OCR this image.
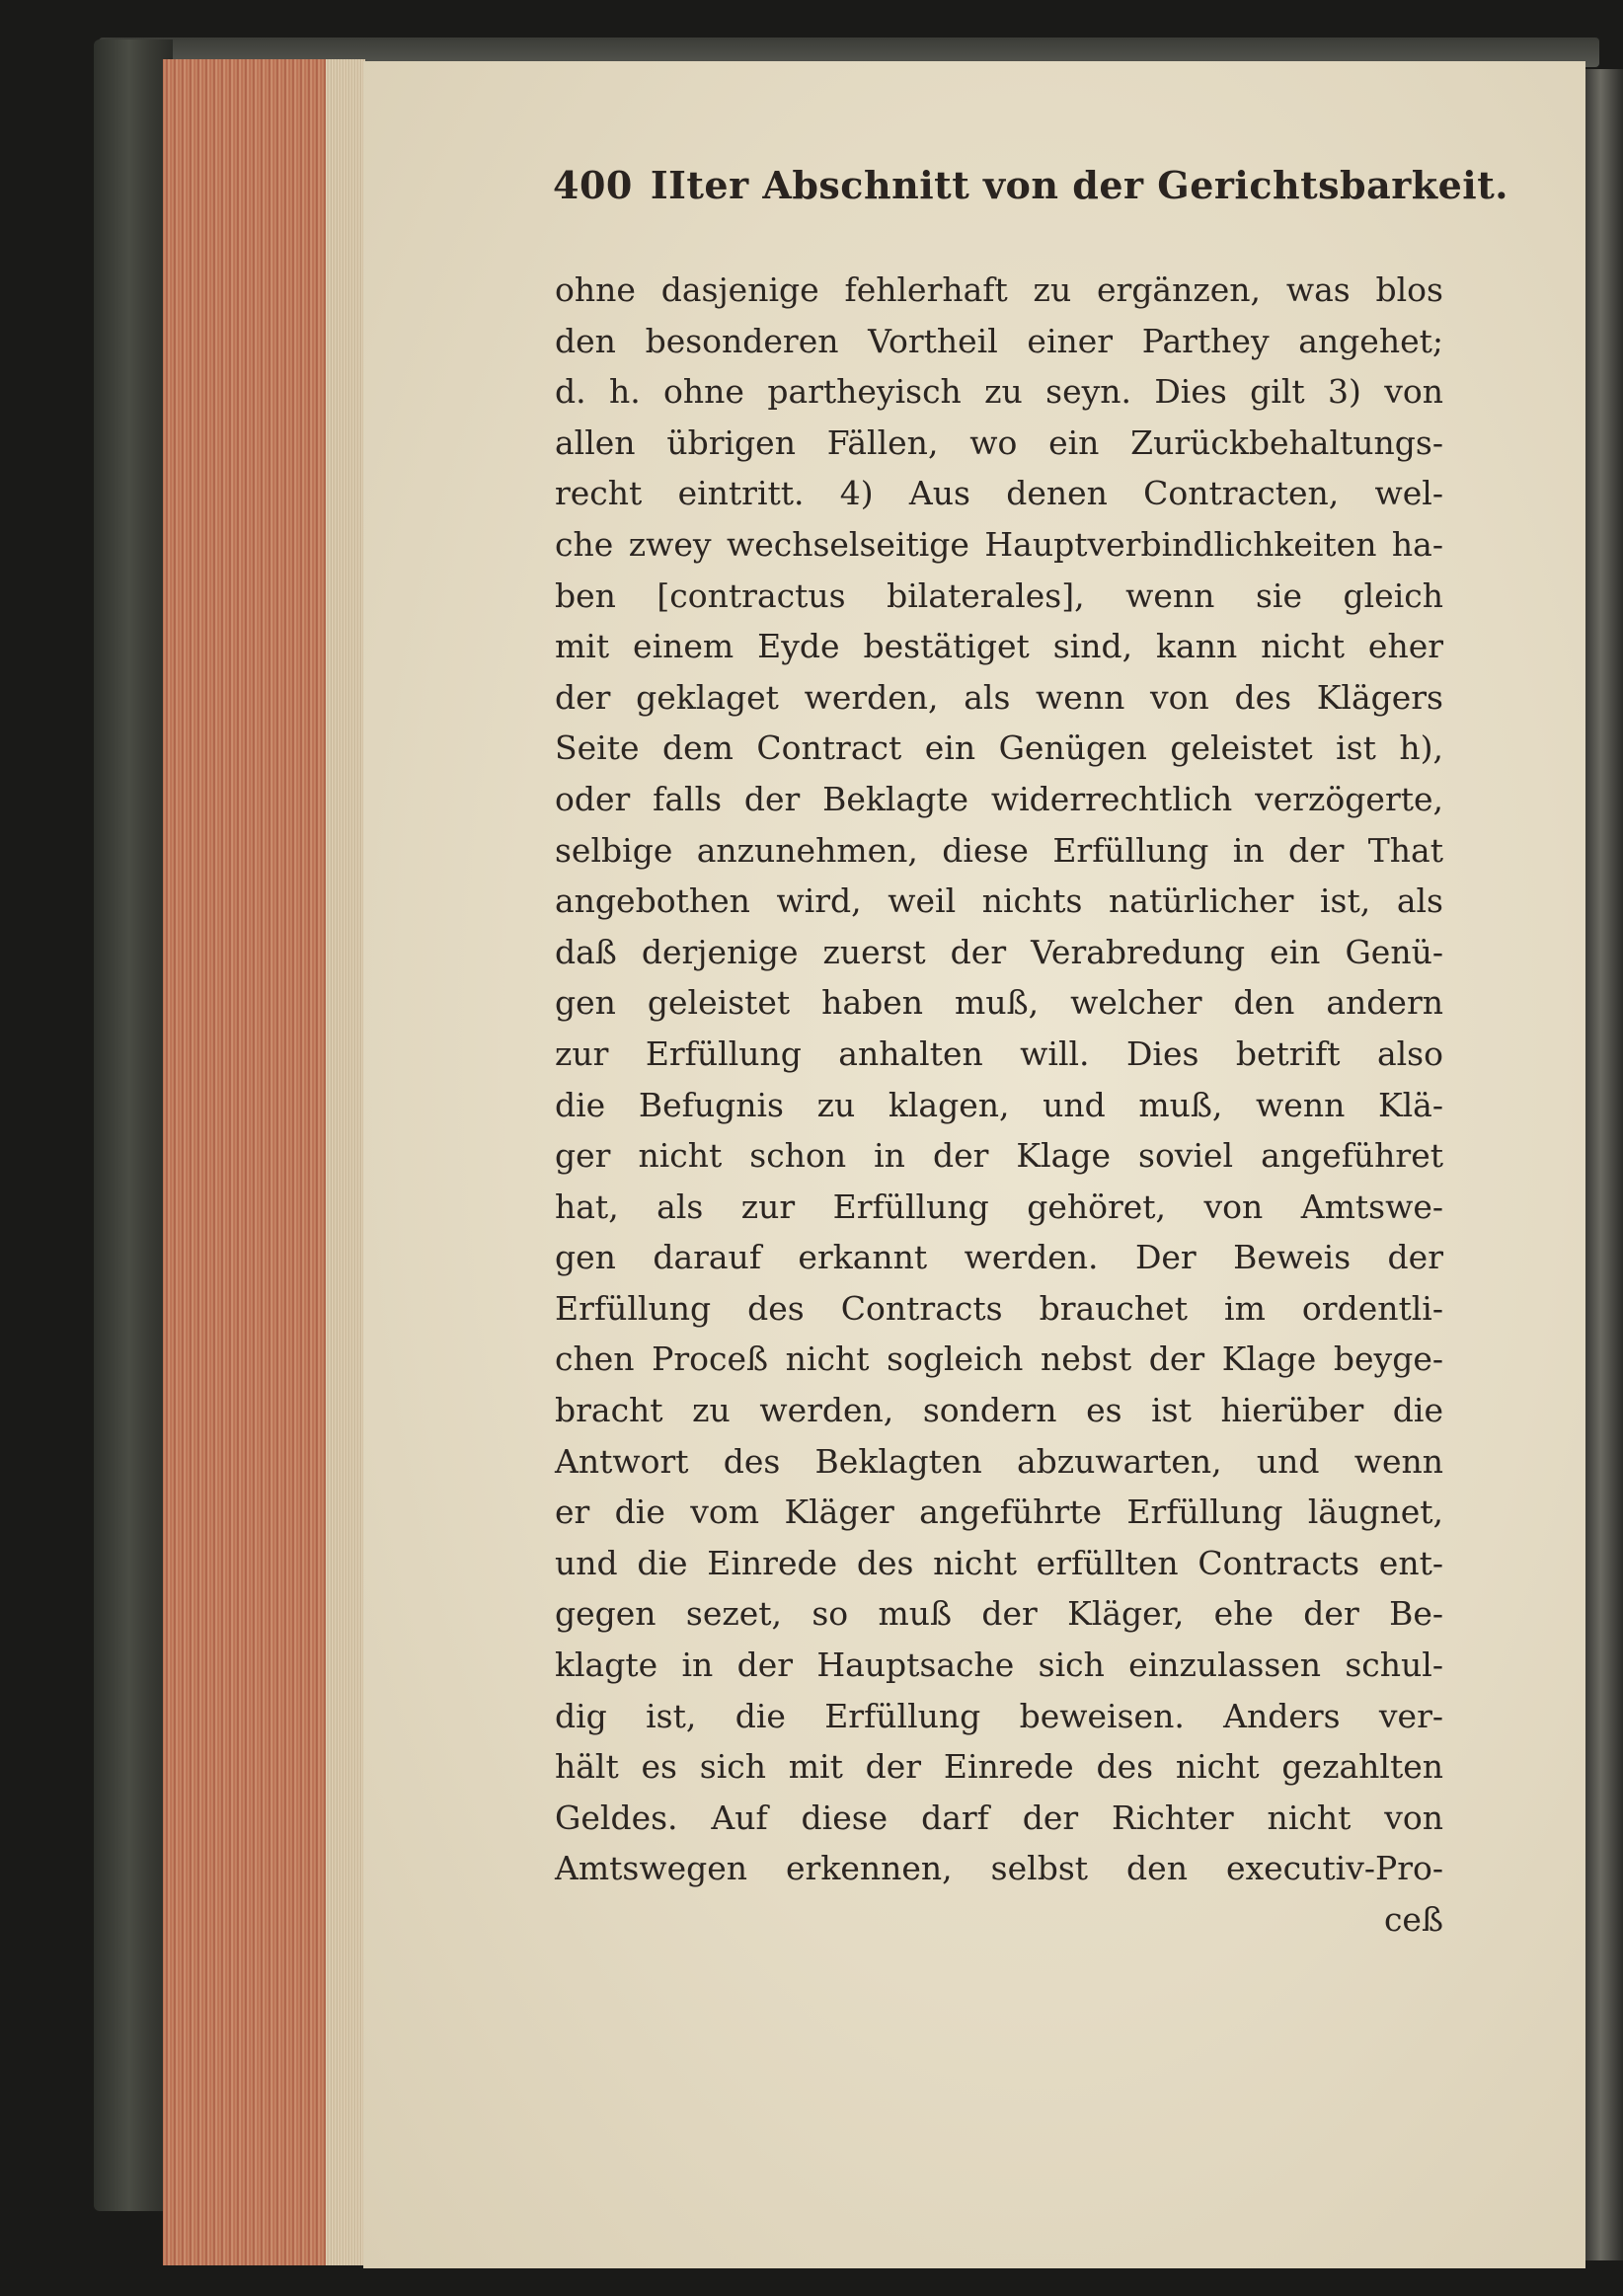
400 IIter Abschnitt von der Gerichtsbarkeit.
ohne dasjenige fehlerhaft zu ergänzen, was blos
den besonderen Vortheil einer Parthey angehet;
d. h. ohne partheyisch zu seyn. Dies gilt 3) von
allen übrigen Fällen, wo ein Zurückbehaltungs-
recht eintritt. 4) Aus denen Contracten, wel-
che zwey wechselseitige Hauptverbindlichkeiten ha-
ben [contractus bilaterales], wenn sie gleich
mit einem Eyde bestätiget sind, kann nicht eher
der geklaget werden, als wenn von des Klägers
Seite dem Contract ein Genügen geleistet ist h),
oder falls der Beklagte widerrechtlich verzögerte,
selbige anzunehmen, diese Erfüllung in der That
angebothen wird, weil nichts natürlicher ist, als
daß derjenige zuerst der Verabredung ein Genü-
gen geleistet haben muß, welcher den andern
zur Erfüllung anhalten will. Dies betrift also
die Befugnis zu klagen, und muß, wenn Klä-
ger nicht schon in der Klage soviel angeführet
hat, als zur Erfüllung gehöret, von Amtswe-
gen darauf erkannt werden. Der Beweis der
Erfüllung des Contracts brauchet im ordentli-
chen Proceß nicht sogleich nebst der Klage beyge-
bracht zu werden, sondern es ist hierüber die
Antwort des Beklagten abzuwarten, und wenn
er die vom Kläger angeführte Erfüllung läugnet,
und die Einrede des nicht erfüllten Contracts ent-
gegen sezet, so muß der Kläger, ehe der Be-
klagte in der Hauptsache sich einzulassen schul-
dig ist, die Erfüllung beweisen. Anders ver-
hält es sich mit der Einrede des nicht gezahlten
Geldes. Auf diese darf der Richter nicht von
Amtswegen erkennen, selbst den executiv-Pro-
ceß
